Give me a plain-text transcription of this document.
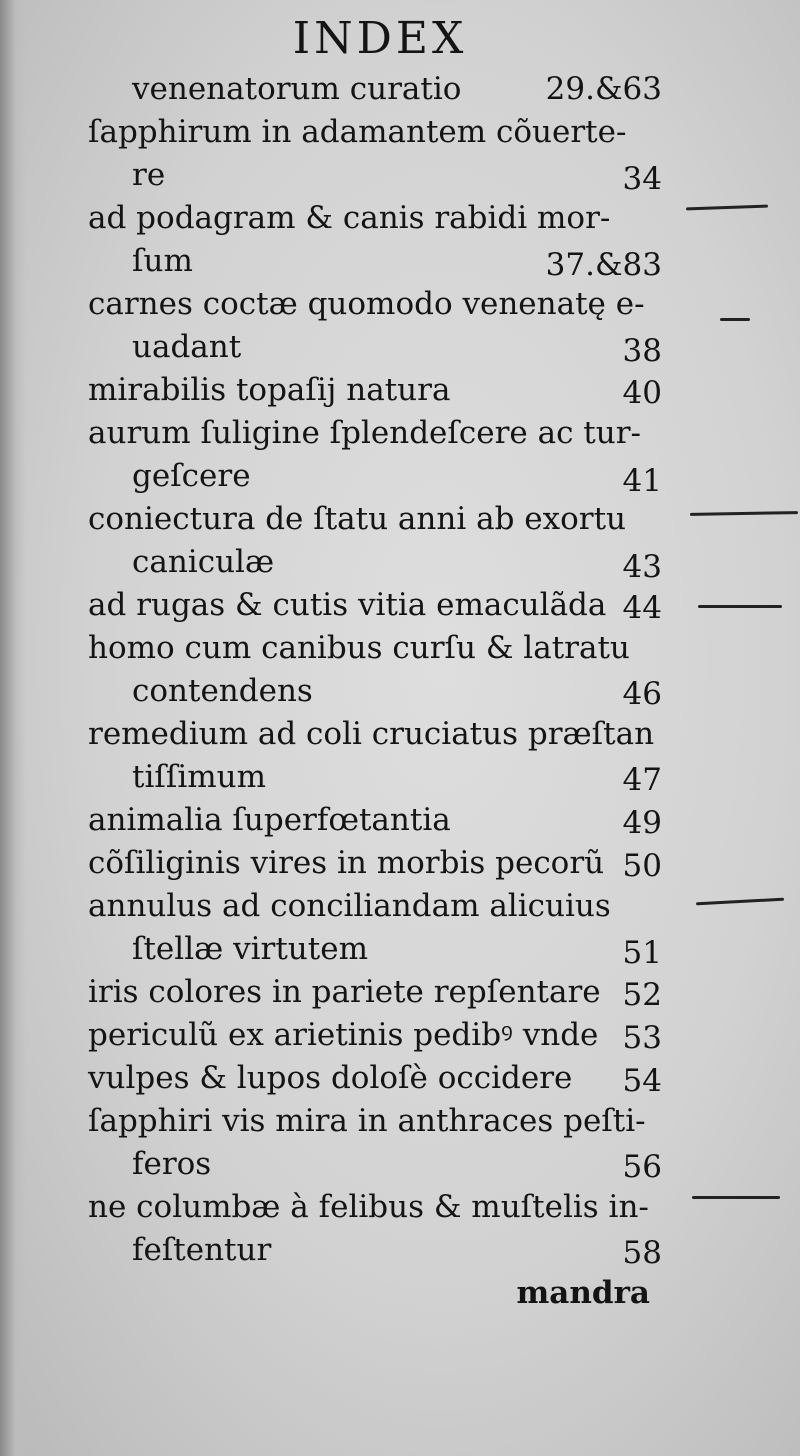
INDEX
venenatorum curatio	29.&63
ſapphirum in adamantem cõuerte-
re	34
ad podagram & canis rabidi mor-
ſum	37.&83
carnes coctæ quomodo venenatę e-
uadant	38
mirabilis topaſij natura	40
aurum ſuligine ſplendeſcere ac tur-
geſcere	41
coniectura de ſtatu anni ab exortu
caniculæ	43
ad rugas & cutis vitia emaculãda 44
homo cum canibus curſu & latratu
contendens	46
remedium ad coli cruciatus præſtan
tiſſimum	47
animalia ſuperfœtantia	49
cõſiliginis vires in morbis pecorũ 50
annulus ad conciliandam alicuius
ſtellæ virtutem	51
iris colores in pariete repſentare 52
periculũ ex arietinis pedibꝰ vnde 53
vulpes & lupos doloſè occidere 54
ſapphiri vis mira in anthraces peſti-
feros	56
ne columbæ à felibus & muſtelis in-
feſtentur	58
mandra
